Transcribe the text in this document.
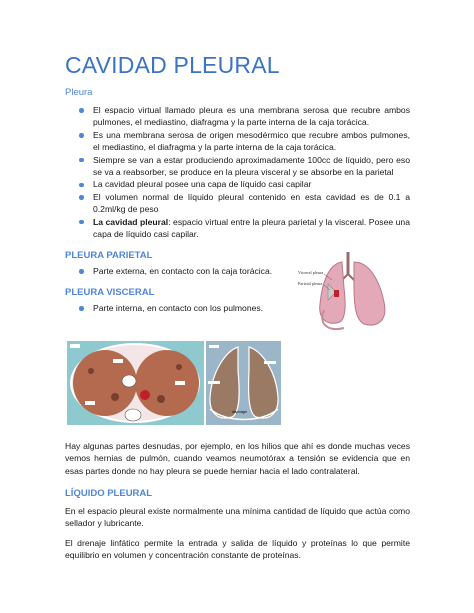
CAVIDAD PLEURAL
Pleura
El espacio virtual llamado pleura es una membrana serosa que recubre ambos pulmones, el mediastino, diafragma y la parte interna de la caja torácica.
Es una membrana serosa de origen mesodérmico que recubre ambos pulmones, el mediastino, el diafragma y la parte interna de la caja torácica.
Siempre se van a estar produciendo aproximadamente 100cc de líquido, pero eso se va a reabsorber, se produce en la pleura visceral y se absorbe en la parietal
La cavidad pleural posee una capa de líquido casi capilar
El volumen normal de líquido pleural contenido en esta cavidad es de 0.1 a 0.2ml/kg de peso
La cavidad pleural: espacio virtual entre la pleura parietal y la visceral. Posee una capa de líquido casi capilar.
PLEURA PARIETAL
Parte externa, en contacto con la caja torácica.
PLEURA VISCERAL
Parte interna, en contacto con los pulmones.
Visceral pleura
Parietal pleura
diaphragm

Hay algunas partes desnudas, por ejemplo, en los hilios que ahí es donde muchas veces vemos hernias de pulmón, cuando veamos neumotórax a tensión se evidencia que en esas partes donde no hay pleura se puede herniar hacia el lado contralateral.

LÍQUIDO PLEURAL

En el espacio pleural existe normalmente una mínima cantidad de líquido que actúa como sellador y lubricante.

El drenaje linfático permite la entrada y salida de líquido y proteínas lo que permite equilibrio en volumen y concentración constante de proteínas.
